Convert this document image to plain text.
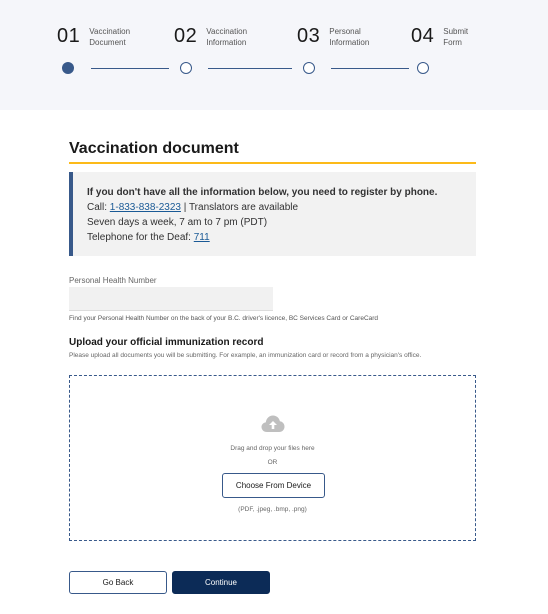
01 Vaccination
Document 02 Vaccination
Information	03 Personal
Information 04 Submit
Form
Vaccination document
If you don't have all the information below, you need to register by phone.
Call: 1-833-838-2323 | Translators are available
Seven days a week, 7 am to 7 pm (PDT)
Telephone for the Deaf: 711
Personal Health Number
Find your Personal Health Number on the back of your B.C. driver's licence, BC Services Card or CareCard
Upload your official immunization record
Please upload all documents you will be submitting. For example, an immunization card or record from a physician's office.
Drag and drop your files here
OR
Choose From Device
(PDF, .jpeg, .bmp, .png)
Go Back	Continue
